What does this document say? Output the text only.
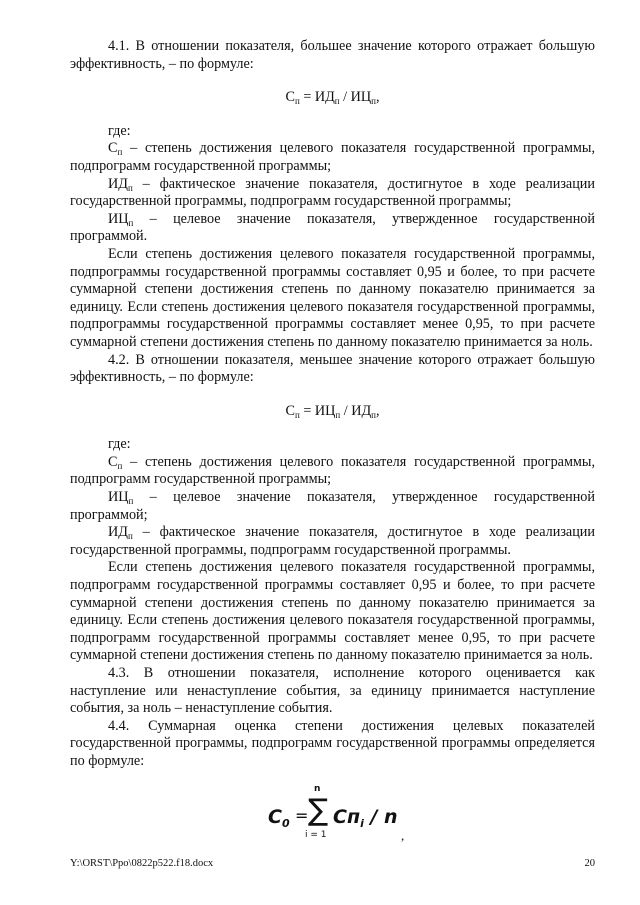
4.1. В отношении показателя, большее значение которого отражает большую эффективность, – по формуле:

$С_п = ИД_п / ИЦ_п$,

где:

$С_п$ – степень достижения целевого показателя государственной программы, подпрограмм государственной программы;

$ИД_п$ – фактическое значение показателя, достигнутое в ходе реализации государственной программы, подпрограмм государственной программы;

$ИЦ_п$ – целевое значение показателя, утвержденное государственной программой.

Если степень достижения целевого показателя государственной программы, подпрограммы государственной программы составляет 0,95 и более, то при расчете суммарной степени достижения степень по данному показателю принимается за единицу. Если степень достижения целевого показателя государственной программы, подпрограммы государственной программы составляет менее 0,95, то при расчете суммарной степени достижения степень по данному показателю принимается за ноль.

4.2. В отношении показателя, меньшее значение которого отражает большую эффективность, – по формуле:

$С_п = ИЦ_п / ИД_п$,

где:

$С_п$ – степень достижения целевого показателя государственной программы, подпрограмм государственной программы;

$ИЦ_п$ – целевое значение показателя, утвержденное государственной программой;

$ИД_п$ – фактическое значение показателя, достигнутое в ходе реализации государственной программы, подпрограмм государственной программы.

Если степень достижения целевого показателя государственной программы, подпрограмм государственной программы составляет 0,95 и более, то при расчете суммарной степени достижения степень по данному показателю принимается за единицу. Если степень достижения целевого показателя государственной программы, подпрограмм государственной программы составляет менее 0,95, то при расчете суммарной степени достижения степень по данному показателю принимается за ноль.

4.3. В отношении показателя, исполнение которого оценивается как наступление или ненаступление события, за единицу принимается наступление события, за ноль – ненаступление события.

4.4. Суммарная оценка степени достижения целевых показателей государственной программы, подпрограмм государственной программы определяется по формуле:

$С_0$ =
n
∑
i = 1
$Сп_i$ / n
,
Y:\ORST\Ppo\0822p522.f18.docx	20
